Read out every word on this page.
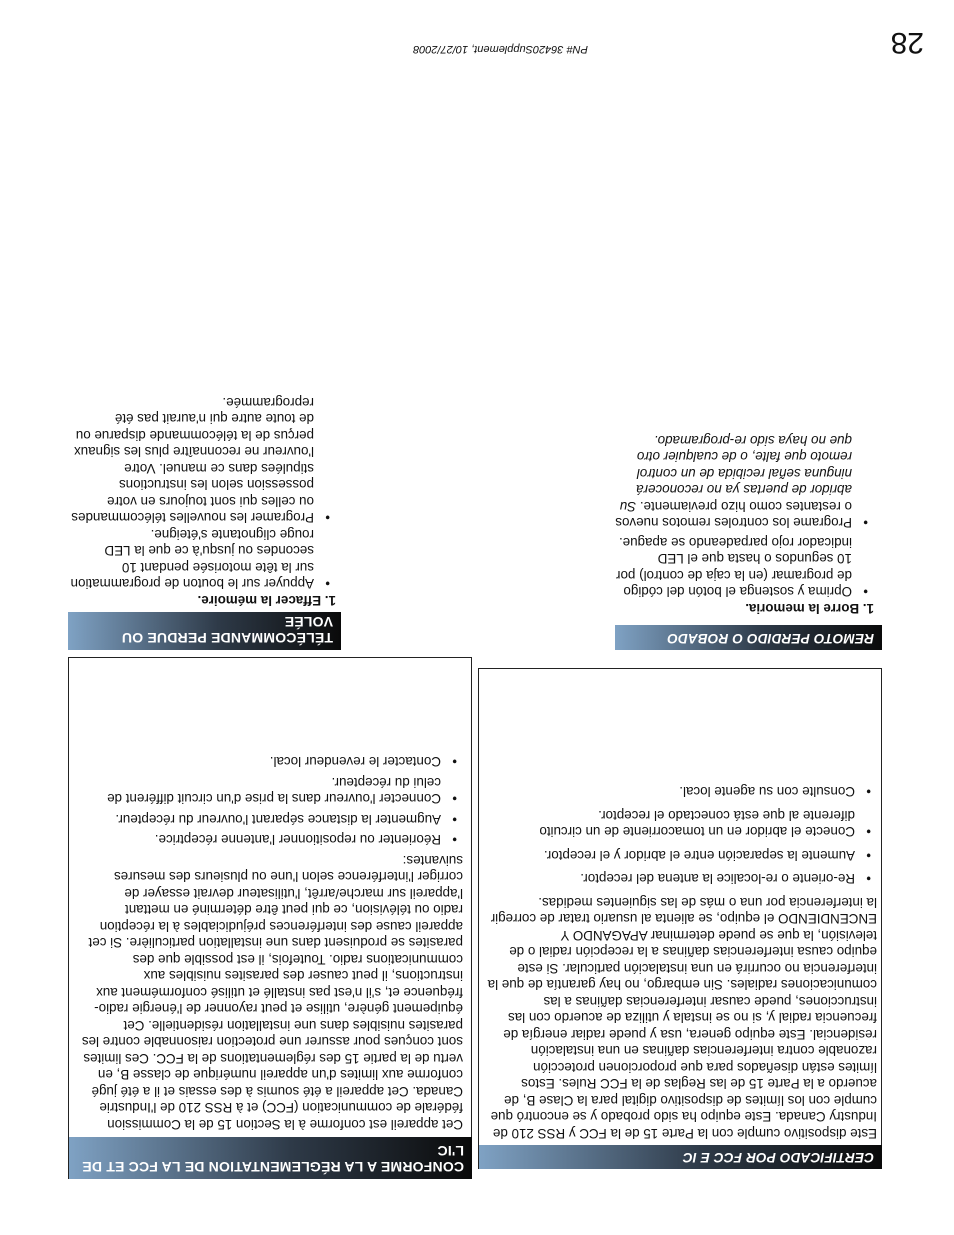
CERTIFICADO POR FCC E IC

Este dispositivo cumple con la Parte 15 de la FCC y RSS 210 de Industry Canada. Este equipo ha sido probado y se encontró que cumple con los límites de dispositivo digital para la Clase B, de acuerdo a la Parte 15 de las Reglas de la FCC Rules. Estos límites están diseñados para que proporcionen protección razonable contra interferencias dañinas en una instalación residencial. Este equipo genera, usa y puede radiar energía de frecuencia radial y, si no se instala y utiliza de acuerdo con las instrucciones, puede causar interferencias dañinas a las comunicaciones radiales. Sin embargo, no hay garantía de que la interferencia no ocurrirá en una instalación particular. Si este equipo causa interferencias dañinas a la recepción radial o de televisión, la que se puede determinar APAGANDO Y ENCENDIENDO el equipo, se alienta al usuario tratar de corregir la interferencia por una o más de las siguientes medidas.

• Re-oriente o re-localice la antena del receptor.
• Aumente la separación entre el abridor y el receptor.
• Conecte el abridor en un tomacorriente de un circuito diferente al que está conectado el receptor.
• Consulte con su agente local.
CONFORME A LA RÉGLEMENTATION DE LA FCC ET DE L'IC

Cet appareil est conforme à la Section 15 de la Commission fédérale de communication (FCC) et à RSS 210 de l'Industrie Canada. Cet appareil a été soumis à des essais et il a été jugé conforme aux limites d'un appareil numérique de classe B, en vertu de la partie 15 des réglementations de la FCC. Ces limites sont conçues pour assurer une protection raisonnable contre les parasites nuisibles dans une installation résidentielle. Cet équipement génère, utilise et peut rayonner de l'énergie radio-fréquence et, s'il n'est pas installé et utilisé conformément aux instructions, il peut causer des parasites nuisibles aux communications radio. Toutefois, il est possible que des parasites se produisent dans une installation particulière. Si cet appareil cause des interférences préjudiciables à la réception radio ou télévision, ce qui peut être déterminé en mettant l'appareil sur marche/arrêt, l'utilisateur devrait essayer de corriger l'interférence selon l'une ou plusieurs des mesures suivantes:

• Réorienter ou repositionner l'antenne réceptrice.
• Augmenter la distance séparant l'ouvreur du récepteur.
• Connecter l'ouvreur dans la prise d'un circuit différent de celui du récepteur.
• Contacter le revendeur local.
REMOTO PERDIDO O ROBADO
1. Borre la memoria.
• Oprima y sostenga el botón del código de programar (en la caja de control) por 10 segundos o hasta que el LED indicador rojo parpadeando se apague.
• Programe los controles remotos nuevos o restantes como hizo previamente. Su abridor de puertas ya no reconocerá ninguna señal recibida de un control remoto que falte, o de cualquier otro que no haya sido re-programado.
TÉLÉCOMMANDE PERDUE OU VOLÉE
1. Effacer la mémoire.
• Appuyer sur le bouton de programmation sur la tête motorisée pendant 10 secondes ou jusqu'à ce que la LED rouge clignotante s'éteigne.
• Programer les nouvelles télécommandes ou celles qui sont toujours en votre possession selon les instructions stipulées dans ce manuel. Votre l'ouvreur ne reconnaître plus les signaux perçus de la télécommande disparue ou de toute autre qui n'aurait pas été reprogrammée.
PN# 36420Supplement, 10/27/2008	28
